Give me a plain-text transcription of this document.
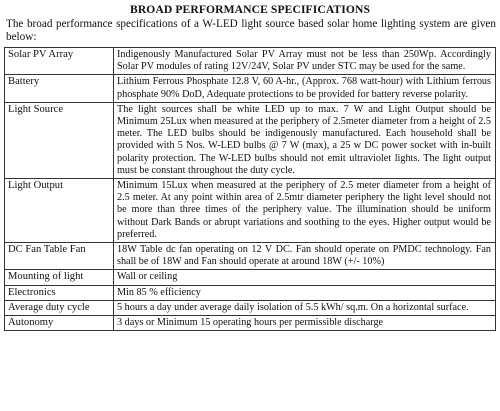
BROAD PERFORMANCE SPECIFICATIONS

The broad performance specifications of a W-LED light source based solar home lighting system are given below:

Solar PV Array	Indigenously Manufactured Solar PV Array must not be less than 250Wp. Accordingly Solar PV modules of rating 12V/24V, Solar PV under STC may be used for the same.
Battery	Lithium Ferrous Phosphate 12.8 V, 60 A-hr., (Approx. 768 watt-hour) with Lithium ferrous phosphate 90% DoD, Adequate protections to be provided for battery reverse polarity.
Light Source	The light sources shall be white LED up to max. 7 W and Light Output should be Minimum 25Lux when measured at the periphery of 2.5meter diameter from a height of 2.5 meter. The LED bulbs should be indigenously manufactured. Each household shall be provided with 5 Nos. W-LED bulbs @ 7 W (max), a 25 w DC power socket with in-built polarity protection. The W-LED bulbs should not emit ultraviolet lights. The light output must be constant throughout the duty cycle.
Light Output	Minimum 15Lux when measured at the periphery of 2.5 meter diameter from a height of 2.5 meter. At any point within area of 2.5mtr diameter periphery the light level should not be more than three times of the periphery value. The illumination should be uniform without Dark Bands or abrupt variations and soothing to the eyes. Higher output would be preferred.
DC Fan Table Fan	18W Table dc fan operating on 12 V DC. Fan should operate on PMDC technology. Fan shall be of 18W and Fan should operate at around 18W (+/- 10%)
Mounting of light	Wall or ceiling
Electronics	Min 85 % efficiency
Average duty cycle	5 hours a day under average daily isolation of 5.5 kWh/ sq.m. On a horizontal surface.
Autonomy	3 days or Minimum 15 operating hours per permissible discharge
